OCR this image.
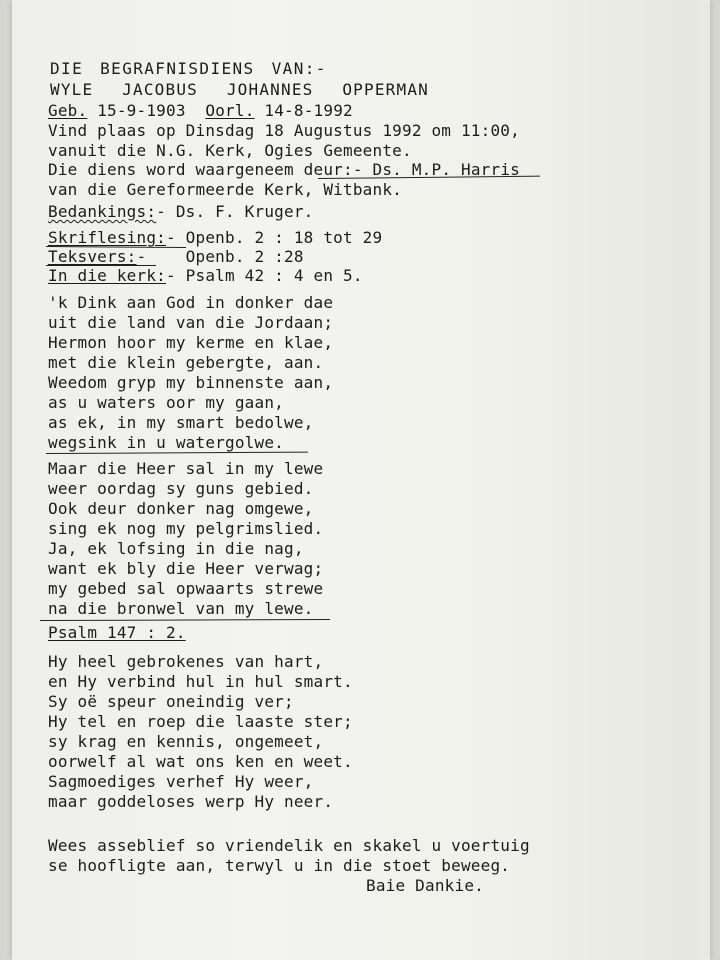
DIE BEGRAFNISDIENS VAN:-
WYLE JACOBUS JOHANNES OPPERMAN
Geb. 15-9-1903 Oorl. 14-8-1992
Vind plaas op Dinsdag 18 Augustus 1992 om 11:00,
vanuit die N.G. Kerk, Ogies Gemeente.
Die diens word waargeneem deur:- Ds. M.P. Harris
van die Gereformeerde Kerk, Witbank.
Bedankings:- Ds. F. Kruger.
Skriflesing:- Openb. 2 : 18 tot 29
Teksvers:-    Openb. 2 :28
In die kerk:- Psalm 42 : 4 en 5.
'k Dink aan God in donker dae
uit die land van die Jordaan;
Hermon hoor my kerme en klae,
met die klein gebergte, aan.
Weedom gryp my binnenste aan,
as u waters oor my gaan,
as ek, in my smart bedolwe,
wegsink in u watergolwe.
Maar die Heer sal in my lewe
weer oordag sy guns gebied.
Ook deur donker nag omgewe,
sing ek nog my pelgrimslied.
Ja, ek lofsing in die nag,
want ek bly die Heer verwag;
my gebed sal opwaarts strewe
na die bronwel van my lewe.
Psalm 147 : 2.
Hy heel gebrokenes van hart,
en Hy verbind hul in hul smart.
Sy oë speur oneindig ver;
Hy tel en roep die laaste ster;
sy krag en kennis, ongemeet,
oorwelf al wat ons ken en weet.
Sagmoediges verhef Hy weer,
maar goddeloses werp Hy neer.
Wees asseblief so vriendelik en skakel u voertuig
se hoofligte aan, terwyl u in die stoet beweeg.
Baie Dankie.
